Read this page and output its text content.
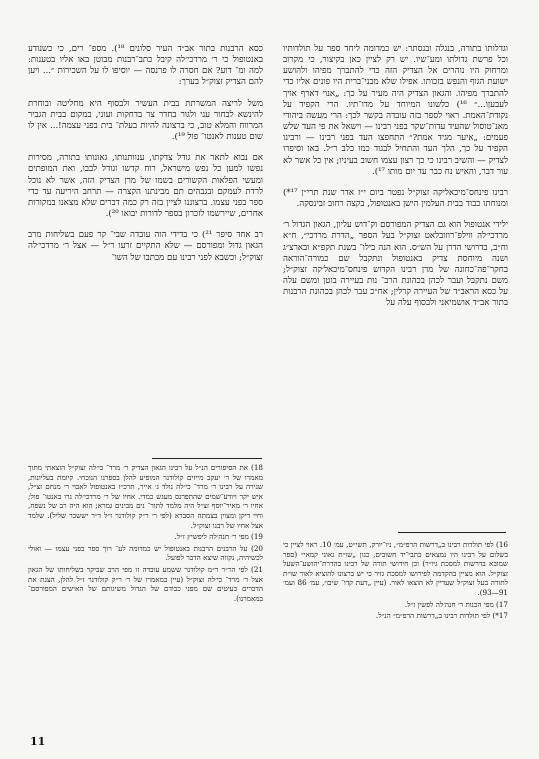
וגדלותו בתורה, בנגלה ובנסתר: יש כמדומה ליחד ספר על תולדותיו וכל פרשת גדולתו ומע־שיו. יש רק לציין כאן בקיצור, כי מקרוב ומרחוק היו נוהרים אל הצדיק הזה כדי להתברך מפיהו ולהושע ישועת הגוף והנפש בזכותו. אפילו שלא מבני־ברית היו פונים אליו כדי להתברך מפיהו. והגאון הצדיק היה מעיר על כך: „אנוי דארף אויך לעבעןו...״ ¹⁶) כלשונו המיוחד על מדו־תיו. הרי הקפיד על נקודת־האמת. ראוי לספר בזה עובדה בקשר לכך: הרי מעשה ביהודי מאנ־טוסול שהעיד עדות־שקר בפני רבינו — וישאל את פי העד שלש פעמים: „איער מגיד אמת?״ התחפצו העד בפני רבינו — ורבינו הקפיד על כך, הלך העד והתחיל לבגוד כמו כלב ר״ל. באו וסיפרו לצדיק — והשיב רבינו כי כך רצון עצמו חשוב בעיניו; אין כל אשר לא עור דבר, והאיש נח כבר עד יום מותו ¹⁷).

רבינו פינחס־מיכאליקה זצוק״ל נפטר ביום י״ז אדר שנת תרי״ן ¹⁷*) ומנוחתו כבוד בבית העלמין הישן באנטופול, בקצה רחוב זבינסקה.

ילידי אנטופול הוא גם הצדיק המפורסם וק־דוש עליון, הגאון הגדול ר׳ מרדכי׳לה ווילפ־רוזובלאט זצוק״ל בעל הספר „הדרת מרדכי״, ח״א וח״ב, בדרושי הדרן על הש״ס. הוא הנה בילו־ בשנת תקפ״א ובארצ״ג ושנה מיוחסת צדיק באנטופול ונתקבל שם כמורה־הוראה בחקר־פה־כחונה של מרן רבינו הקדוש פינחס־מיכאל׳קה זצוק״ל; משם נתקבל ועבר לכהן בכהונת הרב־ נות בעיירה בוטן ומשם עלה על כסא הראב״ד של העיירה קרלין; אח״כ עבר לכהן בכהונת הרבנות בתור אב״ד אושמיאני ולבסוף עלה על

כסא הרבנות בתור אב״ד העיר סלונים ¹⁸). מספ־ רים, כי כשנודע באנטופול כי ר׳ מרדכי׳לה קיבל כתב־רבנות מבוטן באו אליו בטענות: למה ומ־ דוע? אם חסרה לו פרנסה — יוסיפו לו על השכירות ״... ויען להם הצדיק זצוק״ל בערך:

משל לריצה המשרתת בבית העשיר ולבסוף היא מחליטה ובוחרת להינשא לבחור עני ולגור בחדר צר בדחקות ועוני, במקום בבית הגביר המרווח והמלא טוב, כי ברצונה להיות בעלת־ בית בפני עצמה!... אין לו שום טענות לאנטו־ פול ¹⁹).

אם נבוא לתאר את גודל צדקתו, ענוותנותו, גאונותו בתורה, מסירות נפשו למען כל נפש מישראל, רוח קדשו וגודל לבבו, ואת המופתים ומעשי הפלאות הקשורים בשמו של מרן הצדיק הזה, אשר לא נוכל לרדת לעמקם ובגבהים תם מבינתנו הקצרה — תרחב היריעה עד כדי ספר בפני עצמו. ברצוננו לציין בזה רק כמה דברים שלא מצאנו במקורות אחרים, שיירשמו לזכרון בספר לדורות יבואו ²⁰).

רב אחד סיפר ²¹) כי בדידי הוה עובדה שבי־ קר פעם בשליחות מרב הגאון גדול ומפורסם — שלא התקיים זרעו ר״ל — אצל ר׳ מרדכי׳לה זצוק״ל; וכשבא לפני רבינו עם מכתבו של השו־

16) לפי תולדות רבינו ב„דרשות הרפ״מ״, ניו־יורק, תשי״ט, עמ׳ 10. ראוי לציין כי בשלום על רבינו היו נמצאים כתבי־יד חשובים, כגון „שו״ת גאוני קמאי״ (ספר שמובא בדרשות למסכת גיו״ר) וכן חידושי תורה של רבינו בהדרת־יהושע־השעל זצוק״ל. הוא מציין בהקדמה לפירושו למסכת גזיר כי יש ברצונו להוציא לאור שו״ת לתורה בעל זצוק״ל שעדיין לא הוצאו לאור. (עיין „דעת קדו־ שים״, עמ׳ 86 ועמ׳ 91—93).
17) מפי הכנות ר׳ חנה׳לה לפשין ז״ל.
17*) לפי תולדות רבינו ב„דרשות הרפ״מ״ הנ״ל.
18) את הסיפורים הנ״ל על רבינו הגאון הצדיק ר׳ מרד־ כי׳לה זצוק״ל הוצאתי מתוך מאמרו של ר׳ יעקב מייזים קולודנר המופיע להלן בספרנו הנוכחי. קיומת בעליונות, שנירה על רבינו ר׳ מרד־ כי׳לה נולד ג׳ אייר, תרכ״ז באנטופול לאבוי ר׳ מנחם זצ״ל, איש יקר ויודע־שמים שהתפרנס מעגש כמדי. אחיו של ר׳ מרדכי׳לה גרו באנטו־ פול; אחיו ר׳ מאיר־יוסף זצ״ל היה מלמד לתור־ נים מבינים גמרא; הוא היה רב של נשפח, וחיי דיקן ומצוין בצמתה הסברא (לפי ר׳ ר״ק קולודנר ז״ל ד״ר יששכר שליל). שלמד אצל אחיו של רבנו זצוק״ל.
19) מפי ר׳ חנה׳לה ליפשיץ ז״ל.
20) על הרבנים הרבנות באנטופול יש כמדומה לע־ רוך ספר בפני עצמו — ואולי לכשיהיה, נקווה שיצא הדבר לפועל.
21) לפי הר״ר ר״מ קולודנר ששמע עובדה זו מפי הרב שביקר בשליחותו של הגאון אצל ר׳ מרד־ כי׳לה זצוק״ל (עיין במאמרו של ר׳ ר״ק קולודנר ז״ל להלן, הצגת את הדברים כעיטים שם מפני כבודם של הגדול משיגותם של האישים המפורסם־ במאמרנו).
11
